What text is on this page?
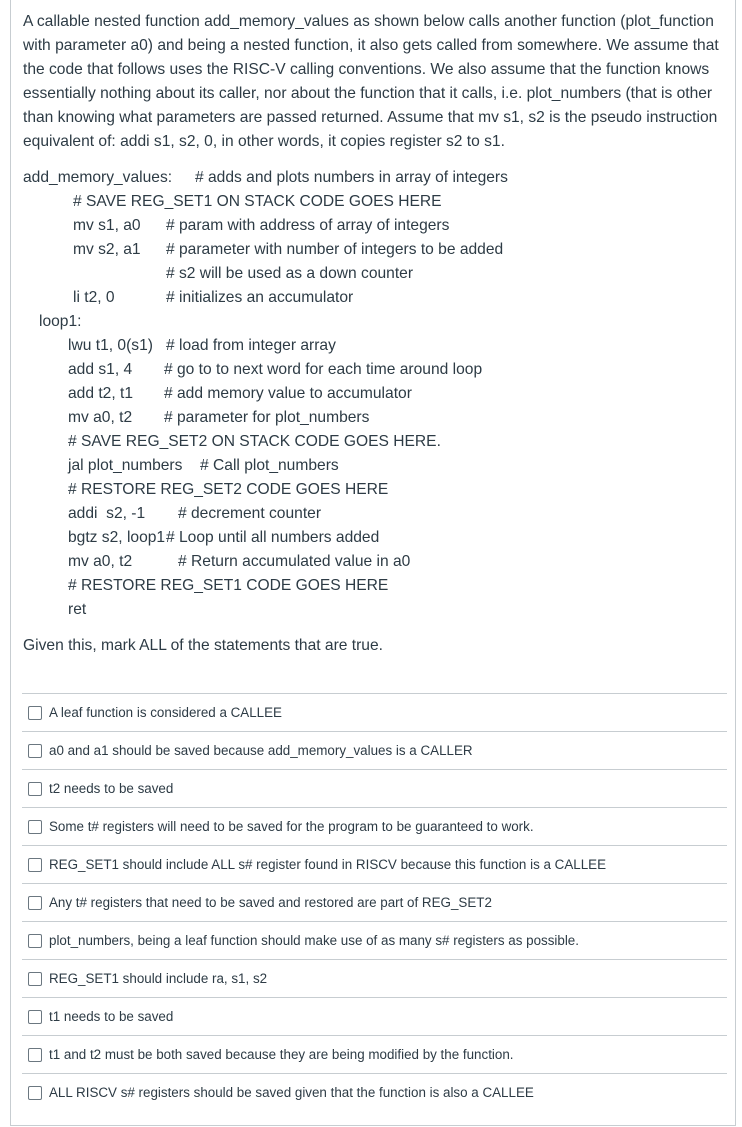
A callable nested function add_memory_values as shown below calls another function (plot_function with parameter a0) and being a nested function, it also gets called from somewhere. We assume that the code that follows uses the RISC-V calling conventions. We also assume that the function knows essentially nothing about its caller, nor about the function that it calls, i.e. plot_numbers (that is other than knowing what parameters are passed returned. Assume that mv s1, s2 is the pseudo instruction equivalent of: addi s1, s2, 0, in other words, it copies register s2 to s1.
add_memory_values: # adds and plots numbers in array of integers
# SAVE REG_SET1 ON STACK CODE GOES HERE
mv s1, a0 # param with address of array of integers
mv s2, a1 # parameter with number of integers to be added
# s2 will be used as a down counter
li t2, 0	# initializes an accumulator
loop1:
lwu t1, 0(s1) # load from integer array
add s1, 4 # go to to next word for each time around loop
add t2, t1 # add memory value to accumulator
mv a0, t2 # parameter for plot_numbers
# SAVE REG_SET2 ON STACK CODE GOES HERE.
jal plot_numbers # Call plot_numbers
# RESTORE REG_SET2 CODE GOES HERE
addi  s2, -1 # decrement counter
bgtz s2, loop1 # Loop until all numbers added
mv a0, t2	# Return accumulated value in a0
# RESTORE REG_SET1 CODE GOES HERE
ret
Given this, mark ALL of the statements that are true.
A leaf function is considered a CALLEE
a0 and a1 should be saved because add_memory_values is a CALLER
t2 needs to be saved
Some t# registers will need to be saved for the program to be guaranteed to work.
REG_SET1 should include ALL s# register found in RISCV because this function is a CALLEE
Any t# registers that need to be saved and restored are part of REG_SET2
plot_numbers, being a leaf function should make use of as many s# registers as possible.
REG_SET1 should include ra, s1, s2
t1 needs to be saved
t1 and t2 must be both saved because they are being modified by the function.
ALL RISCV s# registers should be saved given that the function is also a CALLEE
